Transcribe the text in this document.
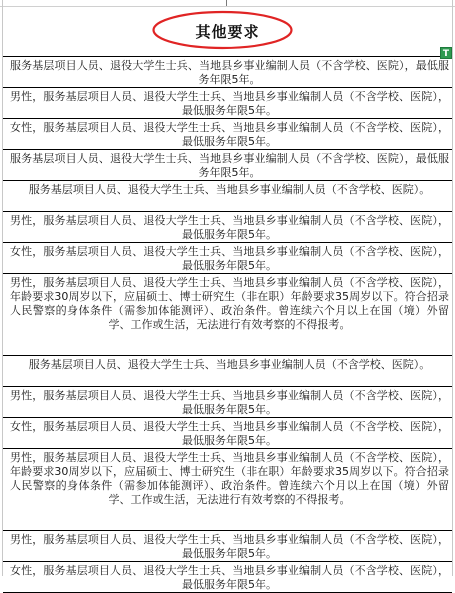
其他要求
T
服务基层项目人员、退役大学生士兵、当地县乡事业编制人员（不含学校、医院），最低服务年限5年。
男性，服务基层项目人员、退役大学生士兵、当地县乡事业编制人员（不含学校、医院），最低服务年限5年。
女性，服务基层项目人员、退役大学生士兵、当地县乡事业编制人员（不含学校、医院），最低服务年限5年。
服务基层项目人员、退役大学生士兵、当地县乡事业编制人员（不含学校、医院），最低服务年限5年。
服务基层项目人员、退役大学生士兵、当地县乡事业编制人员（不含学校、医院）。
男性，服务基层项目人员、退役大学生士兵、当地县乡事业编制人员（不含学校、医院），最低服务年限5年。
女性，服务基层项目人员、退役大学生士兵、当地县乡事业编制人员（不含学校、医院），最低服务年限5年。
男性，服务基层项目人员、退役大学生士兵、当地县乡事业编制人员（不含学校、医院），年龄要求30周岁以下，应届硕士、博士研究生（非在职）年龄要求35周岁以下。符合招录人民警察的身体条件（需参加体能测评）、政治条件。曾连续六个月以上在国（境）外留学、工作或生活，无法进行有效考察的不得报考。
服务基层项目人员、退役大学生士兵、当地县乡事业编制人员（不含学校、医院）。
男性，服务基层项目人员、退役大学生士兵、当地县乡事业编制人员（不含学校、医院），最低服务年限5年。
女性，服务基层项目人员、退役大学生士兵、当地县乡事业编制人员（不含学校、医院），最低服务年限5年。
男性，服务基层项目人员、退役大学生士兵、当地县乡事业编制人员（不含学校、医院），年龄要求30周岁以下，应届硕士、博士研究生（非在职）年龄要求35周岁以下。符合招录人民警察的身体条件（需参加体能测评）、政治条件。曾连续六个月以上在国（境）外留学、工作或生活，无法进行有效考察的不得报考。
男性，服务基层项目人员、退役大学生士兵、当地县乡事业编制人员（不含学校、医院），最低服务年限5年。
女性，服务基层项目人员、退役大学生士兵、当地县乡事业编制人员（不含学校、医院），最低服务年限5年。
